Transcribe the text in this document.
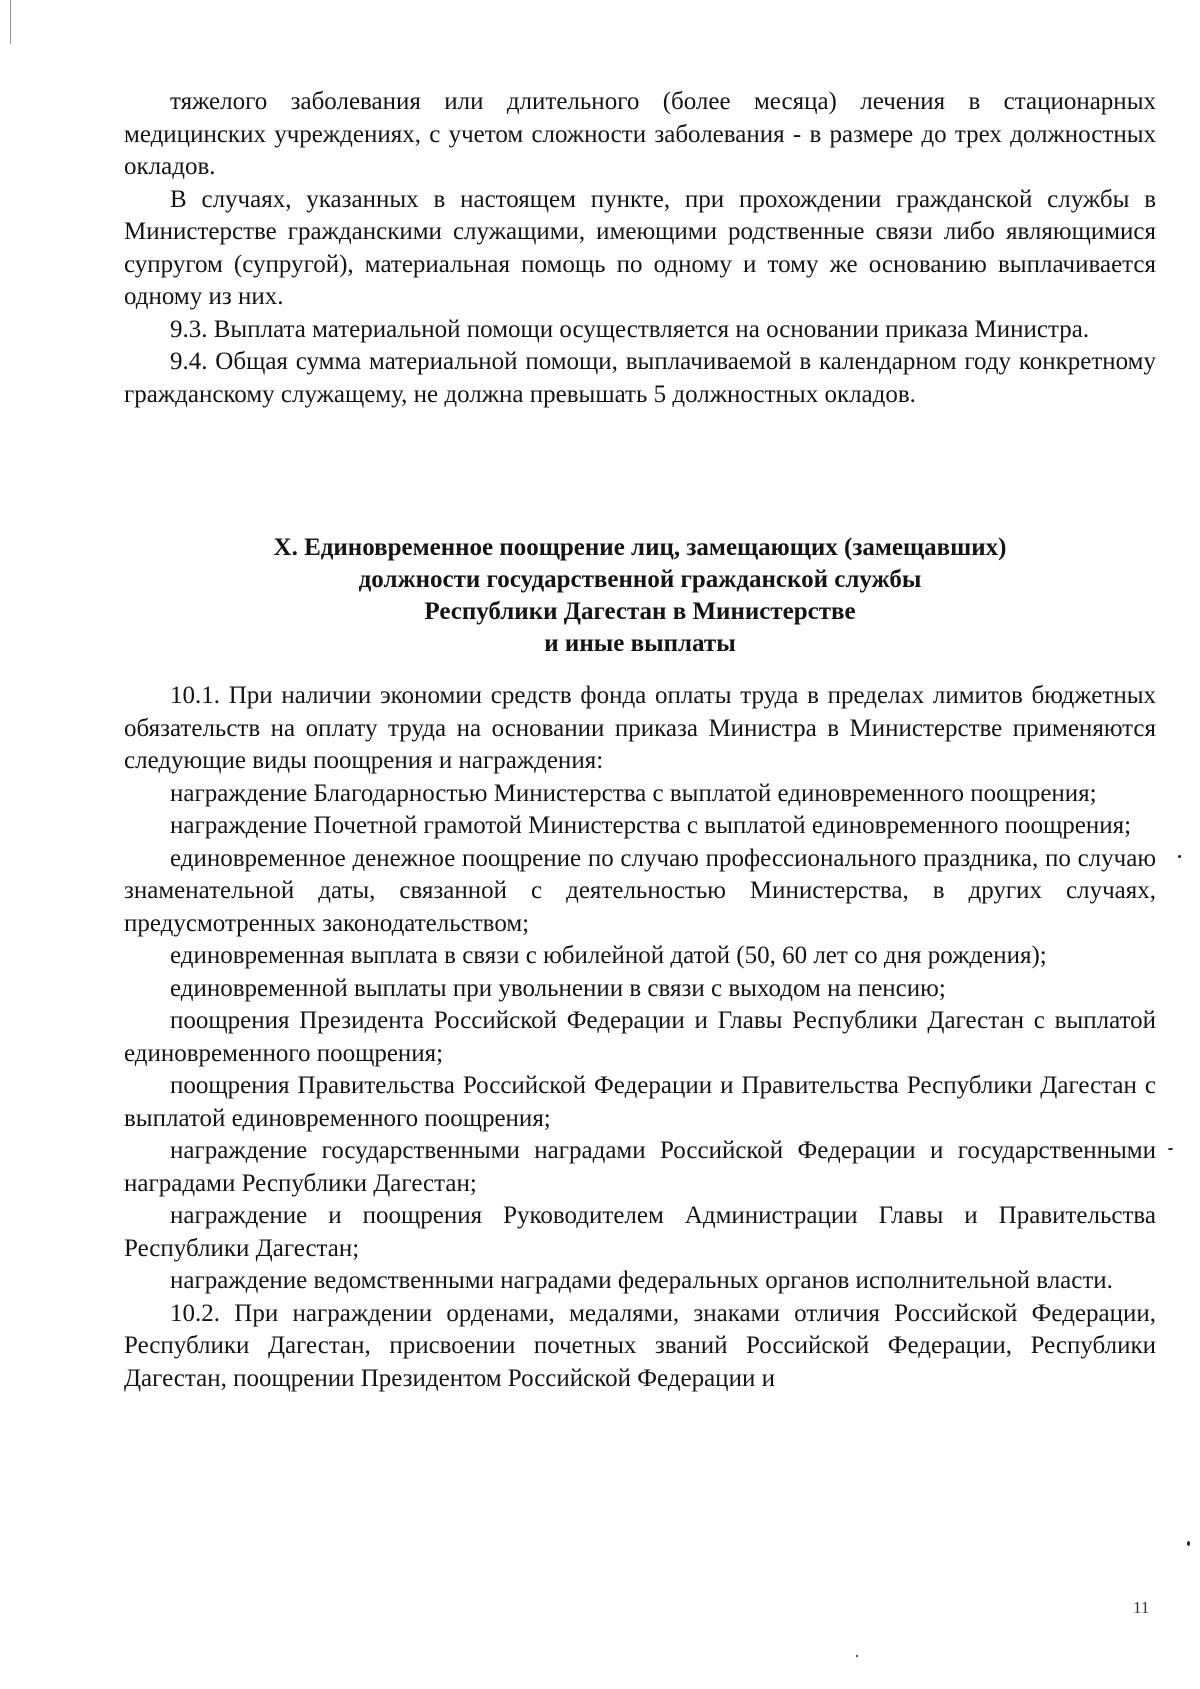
тяжелого заболевания или длительного (более месяца) лечения в стационарных медицинских учреждениях, с учетом сложности заболевания - в размере до трех должностных окладов.

В случаях, указанных в настоящем пункте, при прохождении гражданской службы в Министерстве гражданскими служащими, имеющими родственные связи либо являющимися супругом (супругой), материальная помощь по одному и тому же основанию выплачивается одному из них.

9.3. Выплата материальной помощи осуществляется на основании приказа Министра.

9.4. Общая сумма материальной помощи, выплачиваемой в календарном году конкретному гражданскому служащему, не должна превышать 5 должностных окладов.

X. Единовременное поощрение лиц, замещающих (замещавших)
должности государственной гражданской службы
Республики Дагестан в Министерстве
и иные выплаты

10.1. При наличии экономии средств фонда оплаты труда в пределах лимитов бюджетных обязательств на оплату труда на основании приказа Министра в Министерстве применяются следующие виды поощрения и награждения:

награждение Благодарностью Министерства с выплатой единовременного поощрения;

награждение Почетной грамотой Министерства с выплатой единовременного поощрения;

единовременное денежное поощрение по случаю профессионального праздника, по случаю знаменательной даты, связанной с деятельностью Министерства, в других случаях, предусмотренных законодательством;

единовременная выплата в связи с юбилейной датой (50, 60 лет со дня рождения);

единовременной выплаты при увольнении в связи с выходом на пенсию;

поощрения Президента Российской Федерации и Главы Республики Дагестан с выплатой единовременного поощрения;

поощрения Правительства Российской Федерации и Правительства Республики Дагестан с выплатой единовременного поощрения;

награждение государственными наградами Российской Федерации и государственными наградами Республики Дагестан;

награждение и поощрения Руководителем Администрации Главы и Правительства Республики Дагестан;

награждение ведомственными наградами федеральных органов исполнительной власти.

10.2. При награждении орденами, медалями, знаками отличия Российской Федерации, Республики Дагестан, присвоении почетных званий Российской Федерации, Республики Дагестан, поощрении Президентом Российской Федерации и

11
